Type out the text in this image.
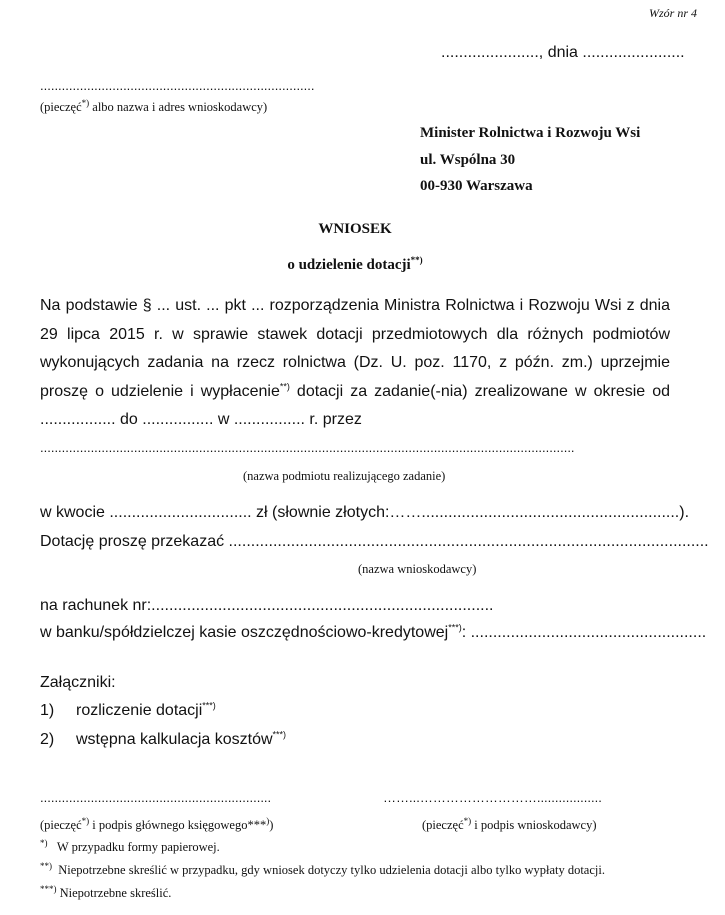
Wzór nr 4
......................, dnia .......................
............................................................................
(pieczęć*) albo nazwa i adres wnioskodawcy)
Minister Rolnictwa i Rozwoju Wsi
ul. Wspólna 30
00-930 Warszawa
WNIOSEK
o udzielenie dotacji**)
Na podstawie § ... ust. ... pkt ... rozporządzenia Ministra Rolnictwa i Rozwoju Wsi z dnia 29 lipca 2015 r. w sprawie stawek dotacji przedmiotowych dla różnych podmiotów wykonujących zadania na rzecz rolnictwa (Dz. U. poz. 1170, z późn. zm.) uprzejmie proszę o udzielenie i wypłacenie**) dotacji za zadanie(-nia) zrealizowane w okresie od ................. do ................ w ................ r. przez
....................................................................................................................................................
(nazwa podmiotu realizującego zadanie)
w kwocie ................................ zł (słownie złotych:……..........................................................).
Dotację proszę przekazać ............................................................................................................
(nazwa wnioskodawcy)
na rachunek nr:.............................................................................
w banku/spółdzielczej kasie oszczędnościowo-kredytowej***): .....................................................
Załączniki:
1) rozliczenie dotacji***)
2) wstępna kalkulacja kosztów***)
................................................................	……...………………………..................
(pieczęć*) i podpis głównego księgowego***))	(pieczęć*) i podpis wnioskodawcy)
*) W przypadku formy papierowej.
**) Niepotrzebne skreślić w przypadku, gdy wniosek dotyczy tylko udzielenia dotacji albo tylko wypłaty dotacji.
***) Niepotrzebne skreślić.
